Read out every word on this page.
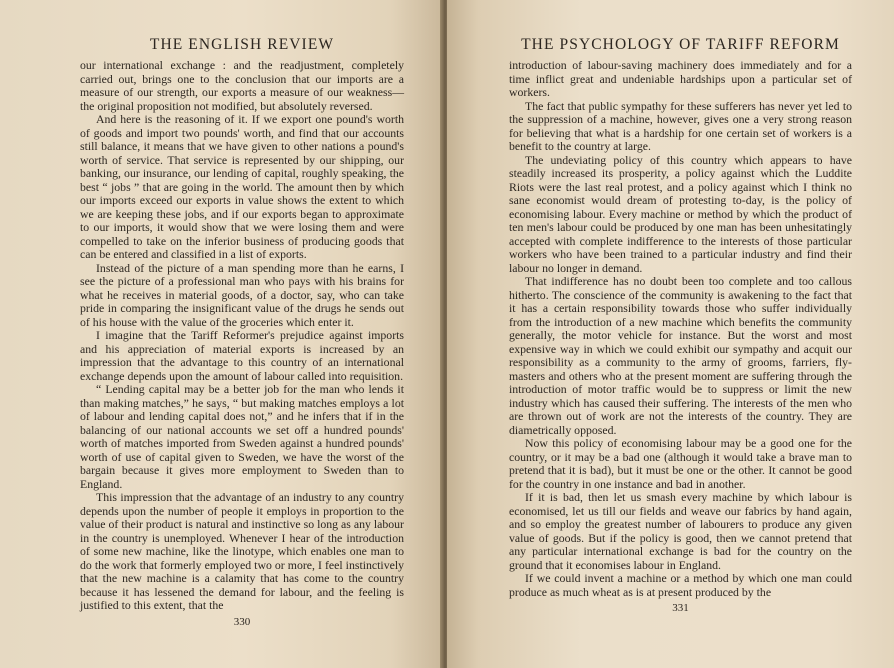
THE ENGLISH REVIEW

our international exchange : and the readjustment, completely carried out, brings one to the conclusion that our imports are a measure of our strength, our exports a measure of our weakness—the original proposition not modified, but absolutely reversed.

And here is the reasoning of it. If we export one pound's worth of goods and import two pounds' worth, and find that our accounts still balance, it means that we have given to other nations a pound's worth of service. That service is represented by our shipping, our banking, our insurance, our lending of capital, roughly speaking, the best “ jobs ” that are going in the world. The amount then by which our imports exceed our exports in value shows the extent to which we are keeping these jobs, and if our exports began to approximate to our imports, it would show that we were losing them and were compelled to take on the inferior business of producing goods that can be entered and classified in a list of exports.

Instead of the picture of a man spending more than he earns, I see the picture of a professional man who pays with his brains for what he receives in material goods, of a doctor, say, who can take pride in comparing the insignificant value of the drugs he sends out of his house with the value of the groceries which enter it.

I imagine that the Tariff Reformer's prejudice against imports and his appreciation of material exports is increased by an impression that the advantage to this country of an international exchange depends upon the amount of labour called into requisition.

“ Lending capital may be a better job for the man who lends it than making matches,” he says, “ but making matches employs a lot of labour and lending capital does not,” and he infers that if in the balancing of our national accounts we set off a hundred pounds' worth of matches imported from Sweden against a hundred pounds' worth of use of capital given to Sweden, we have the worst of the bargain because it gives more employment to Sweden than to England.

This impression that the advantage of an industry to any country depends upon the number of people it employs in proportion to the value of their product is natural and instinctive so long as any labour in the country is unemployed. Whenever I hear of the introduction of some new machine, like the linotype, which enables one man to do the work that formerly employed two or more, I feel instinctively that the new machine is a calamity that has come to the country because it has lessened the demand for labour, and the feeling is justified to this extent, that the

330
THE PSYCHOLOGY OF TARIFF REFORM

introduction of labour-saving machinery does immediately and for a time inflict great and undeniable hardships upon a particular set of workers.

The fact that public sympathy for these sufferers has never yet led to the suppression of a machine, however, gives one a very strong reason for believing that what is a hardship for one certain set of workers is a benefit to the country at large.

The undeviating policy of this country which appears to have steadily increased its prosperity, a policy against which the Luddite Riots were the last real protest, and a policy against which I think no sane economist would dream of protesting to-day, is the policy of economising labour. Every machine or method by which the product of ten men's labour could be produced by one man has been unhesitatingly accepted with complete indifference to the interests of those particular workers who have been trained to a particular industry and find their labour no longer in demand.

That indifference has no doubt been too complete and too callous hitherto. The conscience of the community is awakening to the fact that it has a certain responsibility towards those who suffer individually from the introduction of a new machine which benefits the community generally, the motor vehicle for instance. But the worst and most expensive way in which we could exhibit our sympathy and acquit our responsibility as a community to the army of grooms, farriers, fly-masters and others who at the present moment are suffering through the introduction of motor traffic would be to suppress or limit the new industry which has caused their suffering. The interests of the men who are thrown out of work are not the interests of the country. They are diametrically opposed.

Now this policy of economising labour may be a good one for the country, or it may be a bad one (although it would take a brave man to pretend that it is bad), but it must be one or the other. It cannot be good for the country in one instance and bad in another.

If it is bad, then let us smash every machine by which labour is economised, let us till our fields and weave our fabrics by hand again, and so employ the greatest number of labourers to produce any given value of goods. But if the policy is good, then we cannot pretend that any particular international exchange is bad for the country on the ground that it economises labour in England.

If we could invent a machine or a method by which one man could produce as much wheat as is at present produced by the

331
